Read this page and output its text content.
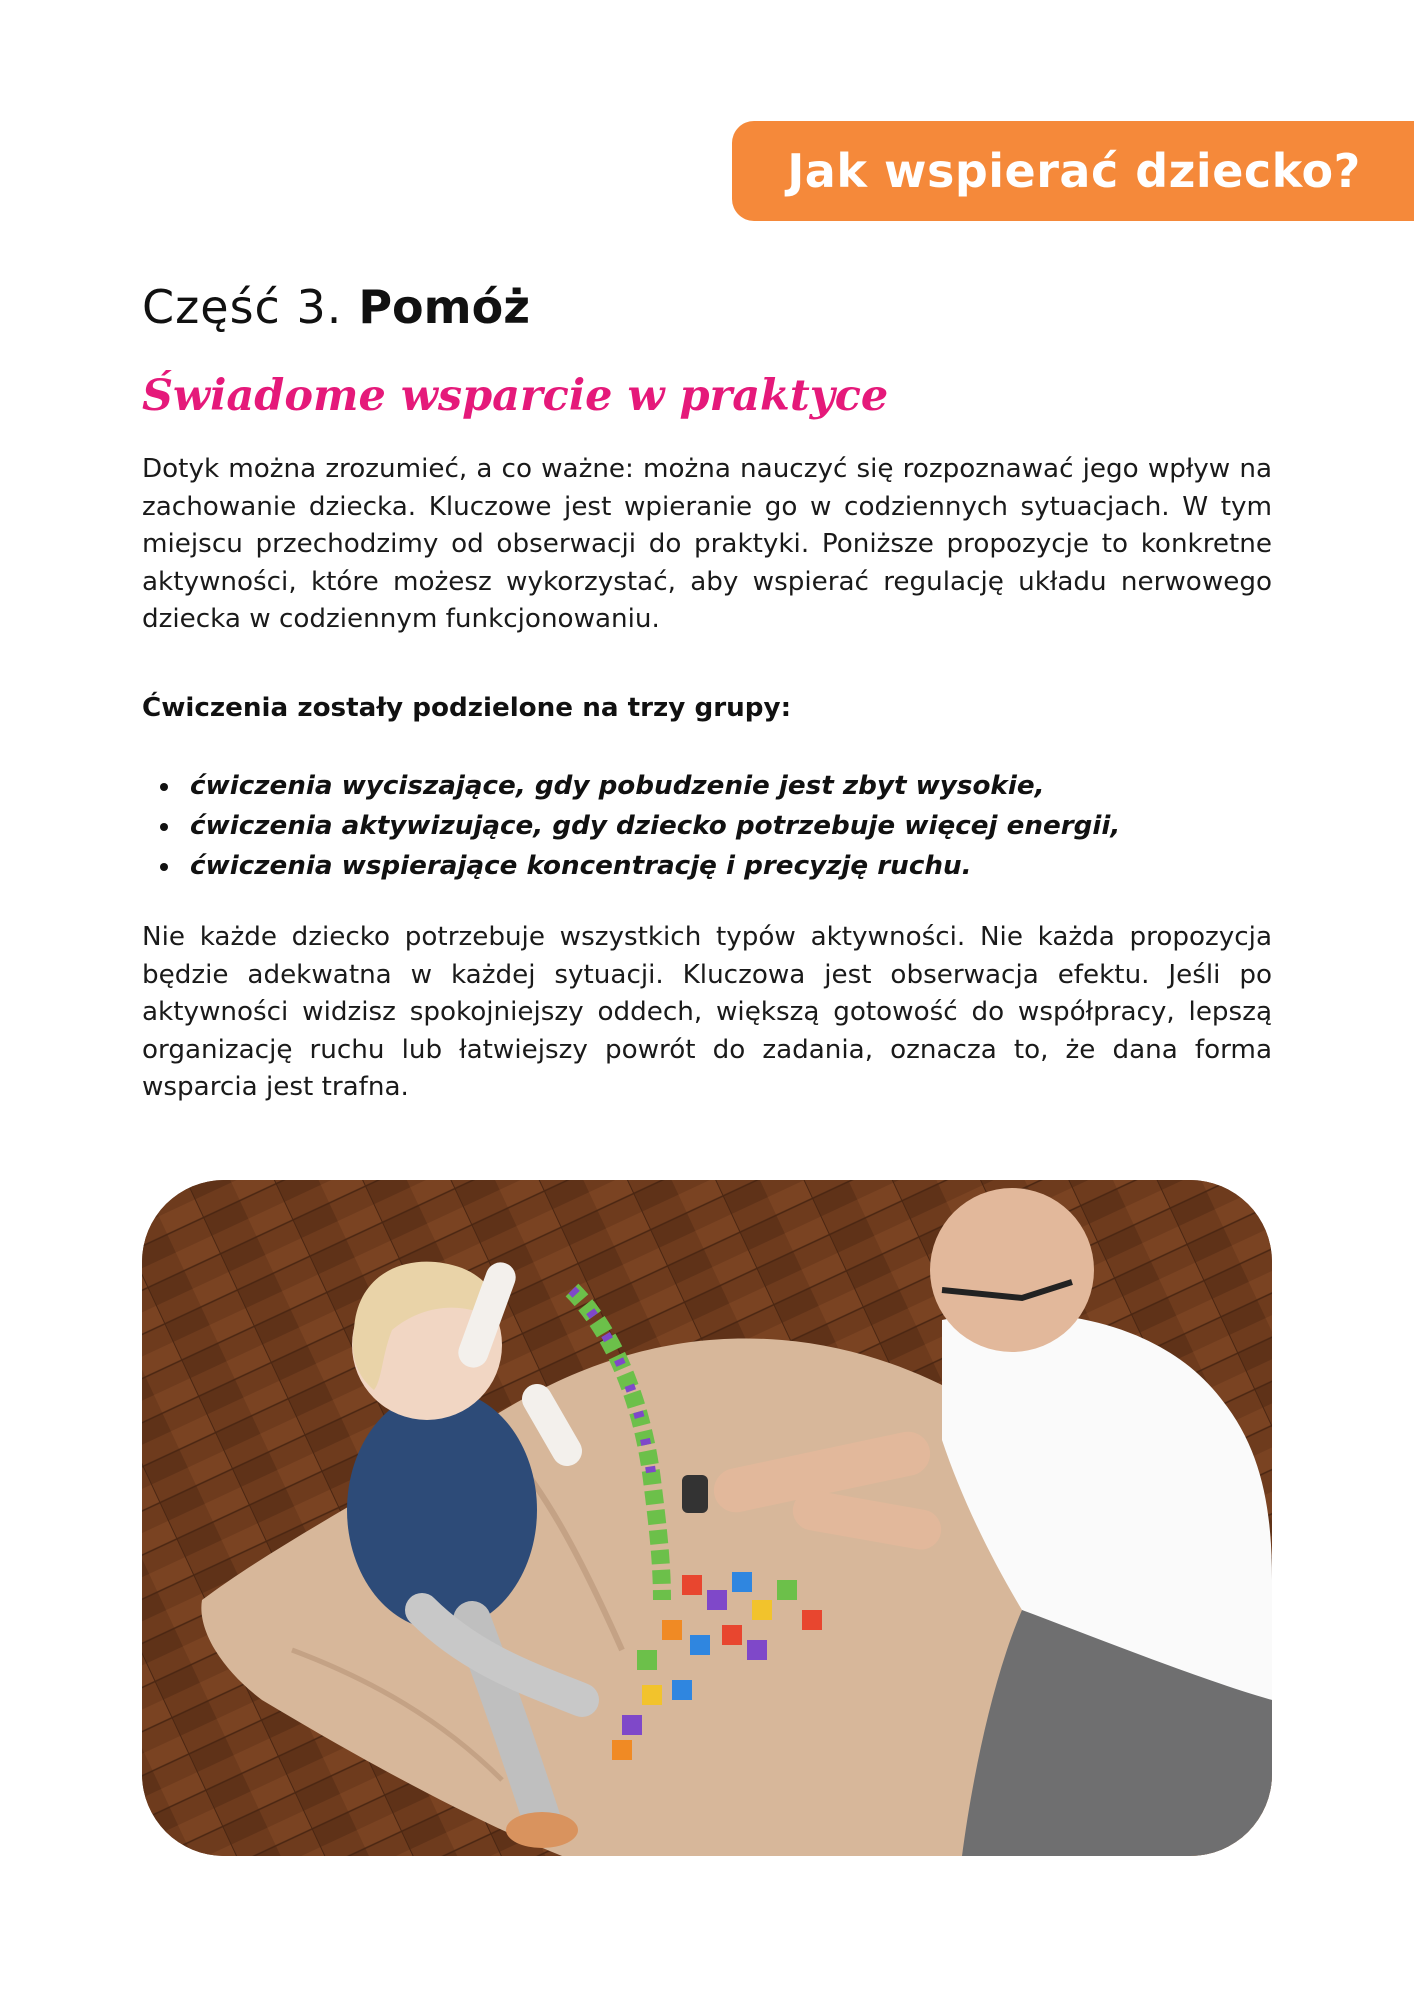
Jak wspierać dziecko?
Część 3. Pomóż
Świadome wsparcie w praktyce

Dotyk można zrozumieć, a co ważne: można nauczyć się rozpoznawać jego wpływ na zachowanie dziecka. Kluczowe jest wpieranie go w codziennych sytuacjach. W tym miejscu przechodzimy od obserwacji do praktyki. Poniższe propozycje to konkretne aktywności, które możesz wykorzystać, aby wspierać regulację układu nerwowego dziecka w codziennym funkcjonowaniu.

Ćwiczenia zostały podzielone na trzy grupy:

ćwiczenia wyciszające, gdy pobudzenie jest zbyt wysokie,
ćwiczenia aktywizujące, gdy dziecko potrzebuje więcej energii,
ćwiczenia wspierające koncentrację i precyzję ruchu.

Nie każde dziecko potrzebuje wszystkich typów aktywności. Nie każda propozycja będzie adekwatna w każdej sytuacji. Kluczowa jest obserwacja efektu. Jeśli po aktywności widzisz spokojniejszy oddech, większą gotowość do współpracy, lepszą organizację ruchu lub łatwiejszy powrót do zadania, oznacza to, że dana forma wsparcia jest trafna.
